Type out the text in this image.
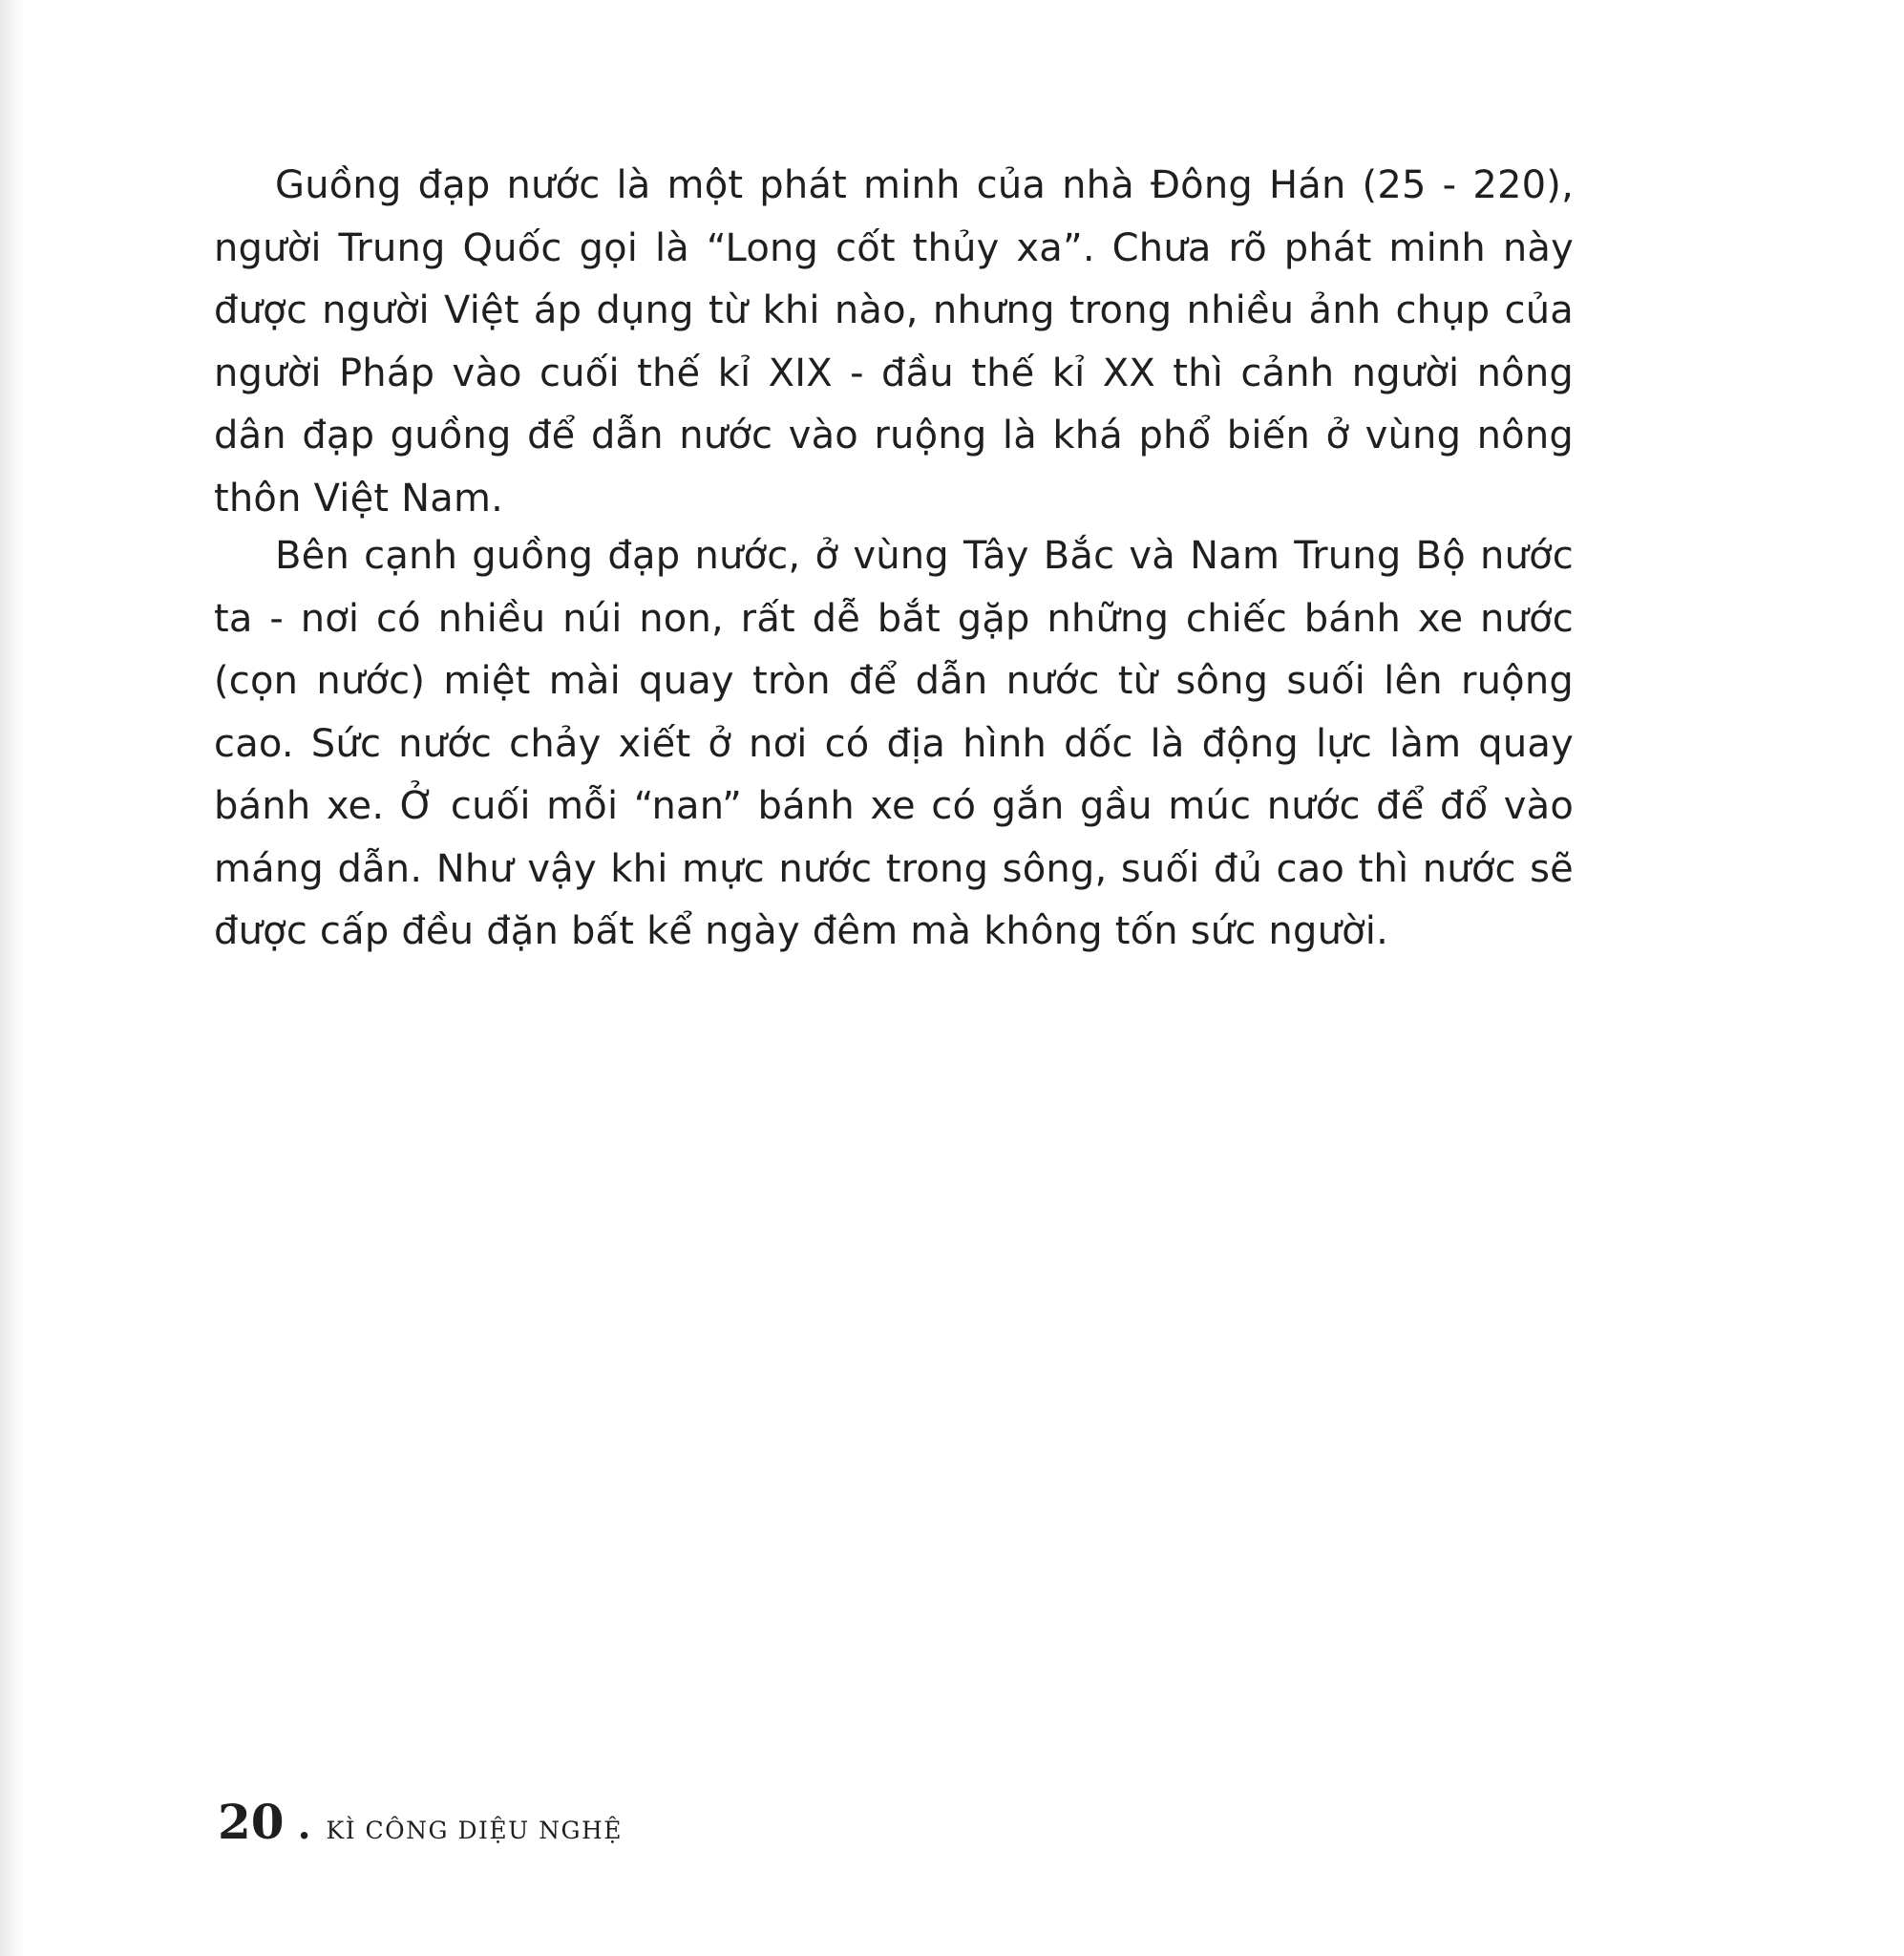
Guồng đạp nước là một phát minh của nhà Đông Hán (25 - 220), người Trung Quốc gọi là “Long cốt thủy xa”. Chưa rõ phát minh này được người Việt áp dụng từ khi nào, nhưng trong nhiều ảnh chụp của người Pháp vào cuối thế kỉ XIX - đầu thế kỉ XX thì cảnh người nông dân đạp guồng để dẫn nước vào ruộng là khá phổ biến ở vùng nông thôn Việt Nam.

Bên cạnh guồng đạp nước, ở vùng Tây Bắc và Nam Trung Bộ nước ta - nơi có nhiều núi non, rất dễ bắt gặp những chiếc bánh xe nước (cọn nước) miệt mài quay tròn để dẫn nước từ sông suối lên ruộng cao. Sức nước chảy xiết ở nơi có địa hình dốc là động lực làm quay bánh xe. Ở cuối mỗi “nan” bánh xe có gắn gầu múc nước để đổ vào máng dẫn. Như vậy khi mực nước trong sông, suối đủ cao thì nước sẽ được cấp đều đặn bất kể ngày đêm mà không tốn sức người.

20 . KÌ CÔNG DIỆU NGHỆ
